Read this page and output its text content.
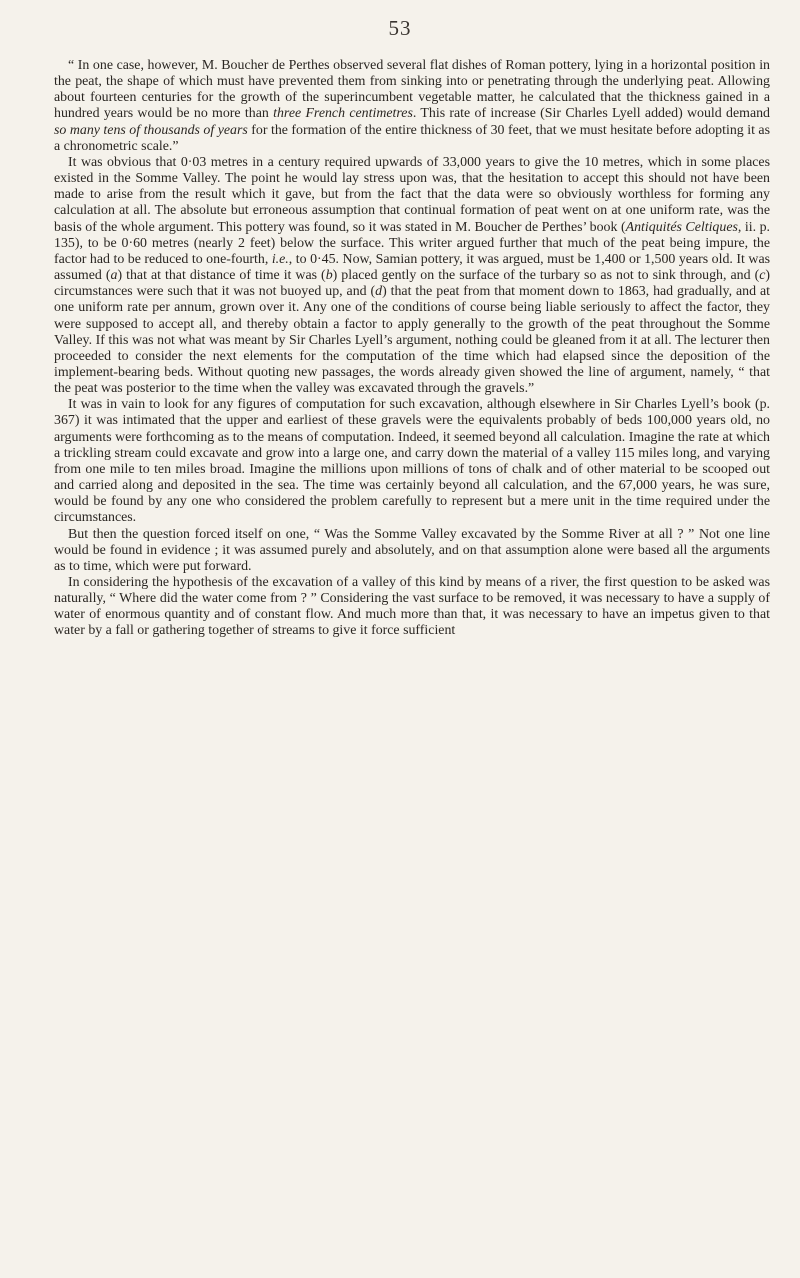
53

“ In one case, however, M. Boucher de Perthes observed several flat dishes of Roman pottery, lying in a horizontal position in the peat, the shape of which must have prevented them from sinking into or penetrating through the underlying peat. Allowing about fourteen centuries for the growth of the superincumbent vegetable matter, he calculated that the thickness gained in a hundred years would be no more than three French centimetres. This rate of increase (Sir Charles Lyell added) would demand so many tens of thousands of years for the formation of the entire thickness of 30 feet, that we must hesitate before adopting it as a chronometric scale.”

It was obvious that 0·03 metres in a century required upwards of 33,000 years to give the 10 metres, which in some places existed in the Somme Valley. The point he would lay stress upon was, that the hesitation to accept this should not have been made to arise from the result which it gave, but from the fact that the data were so obviously worthless for forming any calculation at all. The absolute but erroneous assumption that continual formation of peat went on at one uniform rate, was the basis of the whole argument. This pottery was found, so it was stated in M. Boucher de Perthes’ book (Antiquités Celtiques, ii. p. 135), to be 0·60 metres (nearly 2 feet) below the surface. This writer argued further that much of the peat being impure, the factor had to be reduced to one-fourth, i.e., to 0·45. Now, Samian pottery, it was argued, must be 1,400 or 1,500 years old. It was assumed (a) that at that distance of time it was (b) placed gently on the surface of the turbary so as not to sink through, and (c) circumstances were such that it was not buoyed up, and (d) that the peat from that moment down to 1863, had gradually, and at one uniform rate per annum, grown over it. Any one of the conditions of course being liable seriously to affect the factor, they were supposed to accept all, and thereby obtain a factor to apply generally to the growth of the peat throughout the Somme Valley. If this was not what was meant by Sir Charles Lyell’s argument, nothing could be gleaned from it at all. The lecturer then proceeded to consider the next elements for the computation of the time which had elapsed since the deposition of the implement-bearing beds. Without quoting new passages, the words already given showed the line of argument, namely, “ that the peat was posterior to the time when the valley was excavated through the gravels.”

It was in vain to look for any figures of computation for such excavation, although elsewhere in Sir Charles Lyell’s book (p. 367) it was intimated that the upper and earliest of these gravels were the equivalents probably of beds 100,000 years old, no arguments were forthcoming as to the means of computation. Indeed, it seemed beyond all calculation. Imagine the rate at which a trickling stream could excavate and grow into a large one, and carry down the material of a valley 115 miles long, and varying from one mile to ten miles broad. Imagine the millions upon millions of tons of chalk and of other material to be scooped out and carried along and deposited in the sea. The time was certainly beyond all calculation, and the 67,000 years, he was sure, would be found by any one who considered the problem carefully to represent but a mere unit in the time required under the circumstances.

But then the question forced itself on one, “ Was the Somme Valley excavated by the Somme River at all ? ” Not one line would be found in evidence ; it was assumed purely and absolutely, and on that assumption alone were based all the arguments as to time, which were put forward.

In considering the hypothesis of the excavation of a valley of this kind by means of a river, the first question to be asked was naturally, “ Where did the water come from ? ” Considering the vast surface to be removed, it was necessary to have a supply of water of enormous quantity and of constant flow. And much more than that, it was necessary to have an impetus given to that water by a fall or gathering together of streams to give it force sufficient
